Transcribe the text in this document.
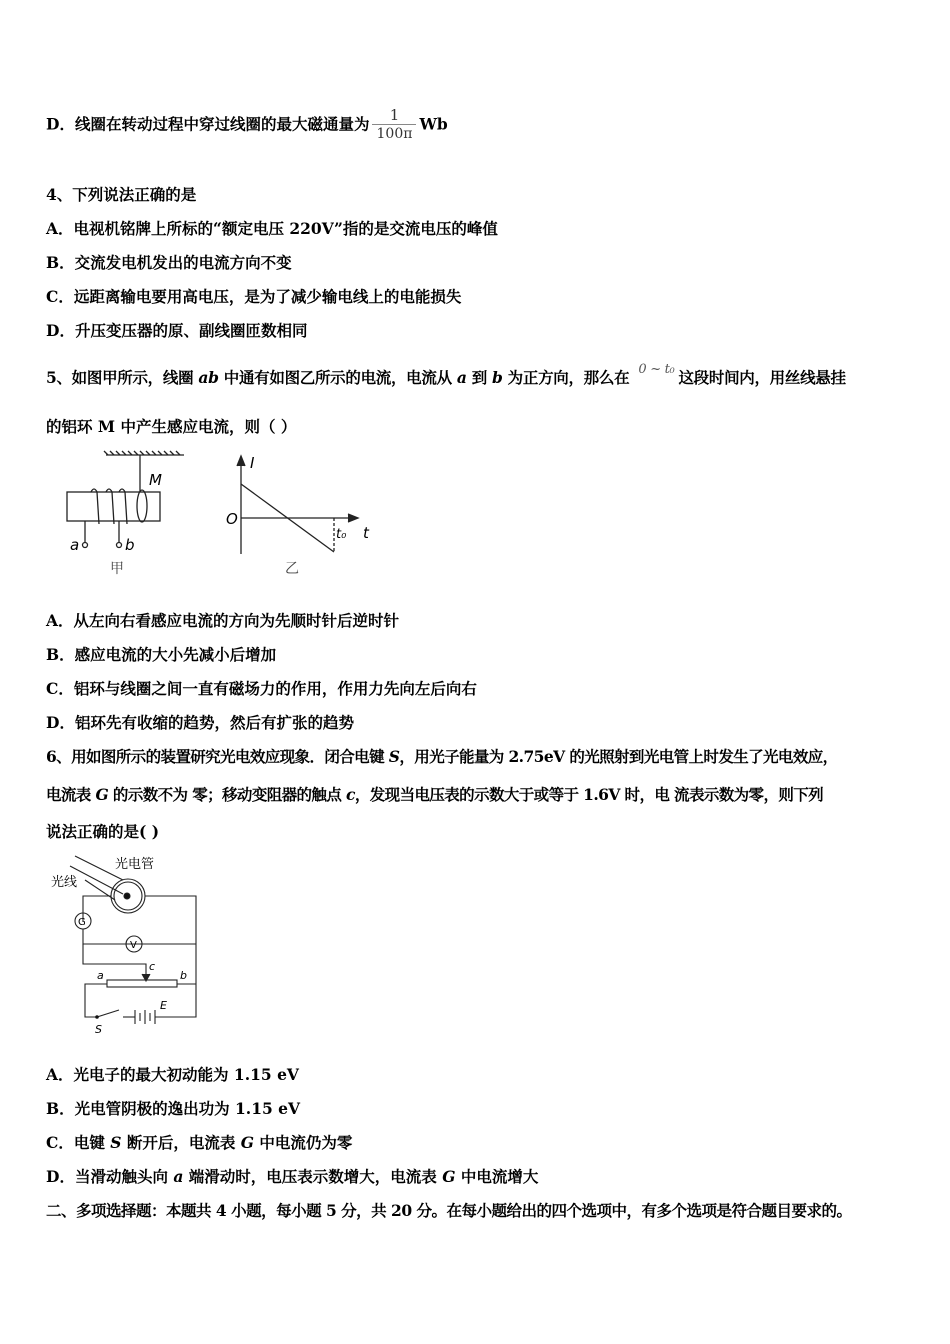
D．线圈在转动过程中穿过线圈的最大磁通量为 $\frac{1}{100\pi}$ Wb
4、下列说法正确的是
A．电视机铭牌上所标的“额定电压 220V”指的是交流电压的峰值
B．交流发电机发出的电流方向不变
C．远距离输电要用高电压，是为了减少输电线上的电能损失
D．升压变压器的原、副线圈匝数相同
5、如图甲所示，线圈 ab 中通有如图乙所示的电流，电流从 a 到 b 为正方向，那么在 $^{0 \sim t_0}$ 这段时间内，用丝线悬挂
的铝环 M 中产生感应电流，则（ ）
M
a	b
甲
I
O
t₀ t
乙
A．从左向右看感应电流的方向为先顺时针后逆时针
B．感应电流的大小先减小后增加
C．铝环与线圈之间一直有磁场力的作用，作用力先向左后向右
D．铝环先有收缩的趋势，然后有扩张的趋势
6、用如图所示的装置研究光电效应现象．闭合电键 S，用光子能量为 2.75eV 的光照射到光电管上时发生了光电效应，
电流表 G 的示数不为 零；移动变阻器的触点 c，发现当电压表的示数大于或等于 1.6V 时，电 流表示数为零，则下列
说法正确的是( )
光电管
光线
G
V
c
a	b
E
S
A．光电子的最大初动能为 1.15 eV
B．光电管阴极的逸出功为 1.15 eV
C．电键 S 断开后，电流表 G 中电流仍为零
D．当滑动触头向 a 端滑动时，电压表示数增大，电流表 G 中电流增大
二、多项选择题：本题共 4 小题，每小题 5 分，共 20 分。在每小题给出的四个选项中，有多个选项是符合题目要求的。
